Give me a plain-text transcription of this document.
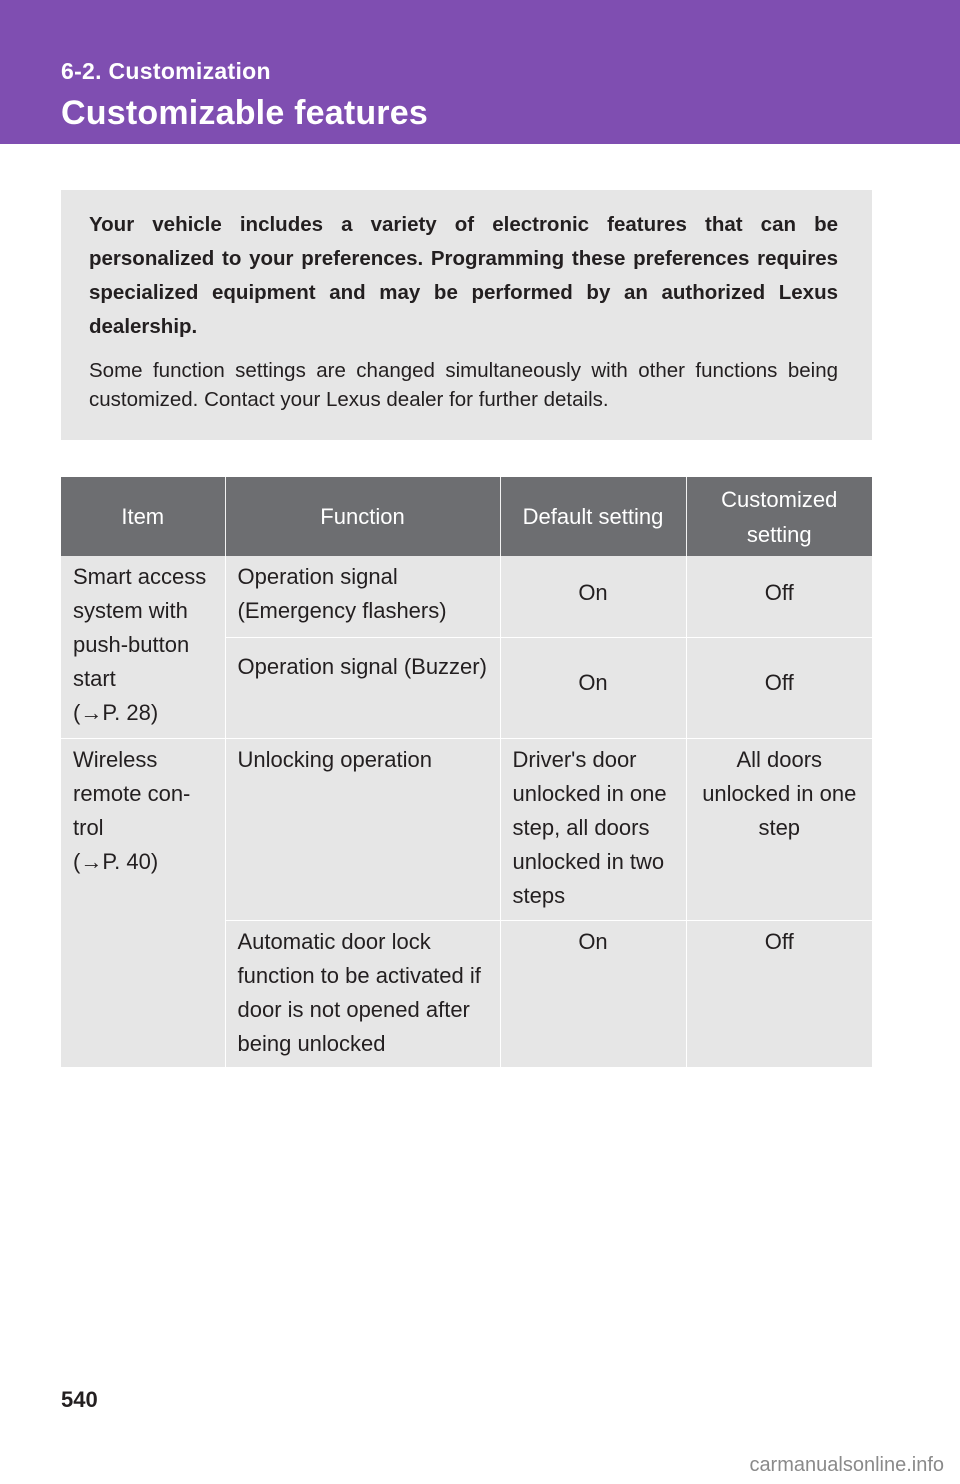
6-2. Customization
Customizable features

Your vehicle includes a variety of electronic features that can be personalized to your preferences. Programming these preferences requires specialized equipment and may be performed by an authorized Lexus dealership.

Some function settings are changed simultaneously with other functions being customized. Contact your Lexus dealer for further details.

Item	Function	Default setting	Customized setting

Smart access
system with
push-button
start
(→P. 28)	Operation signal (Emergency flashers)	On	Off
	Operation signal (Buzzer)	On	Off

Wireless
remote con-
trol
(→P. 40)	Unlocking operation	Driver's door unlocked in one step, all doors unlocked in two steps	All doors unlocked in one step
	Automatic door lock function to be activated if door is not opened after being unlocked	On	Off
540
carmanualsonline.info
